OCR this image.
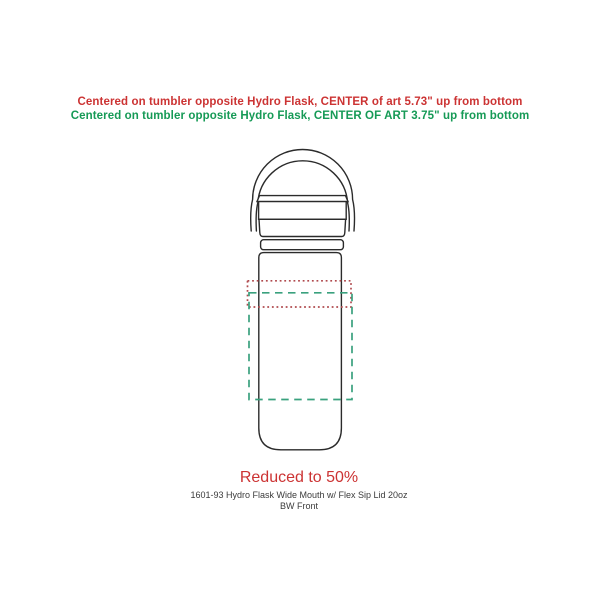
Centered on tumbler opposite Hydro Flask, CENTER of art 5.73" up from bottom
Centered on tumbler opposite Hydro Flask, CENTER OF ART 3.75" up from bottom
Reduced to 50%
1601-93 Hydro Flask Wide Mouth w/ Flex Sip Lid 20oz
BW Front
